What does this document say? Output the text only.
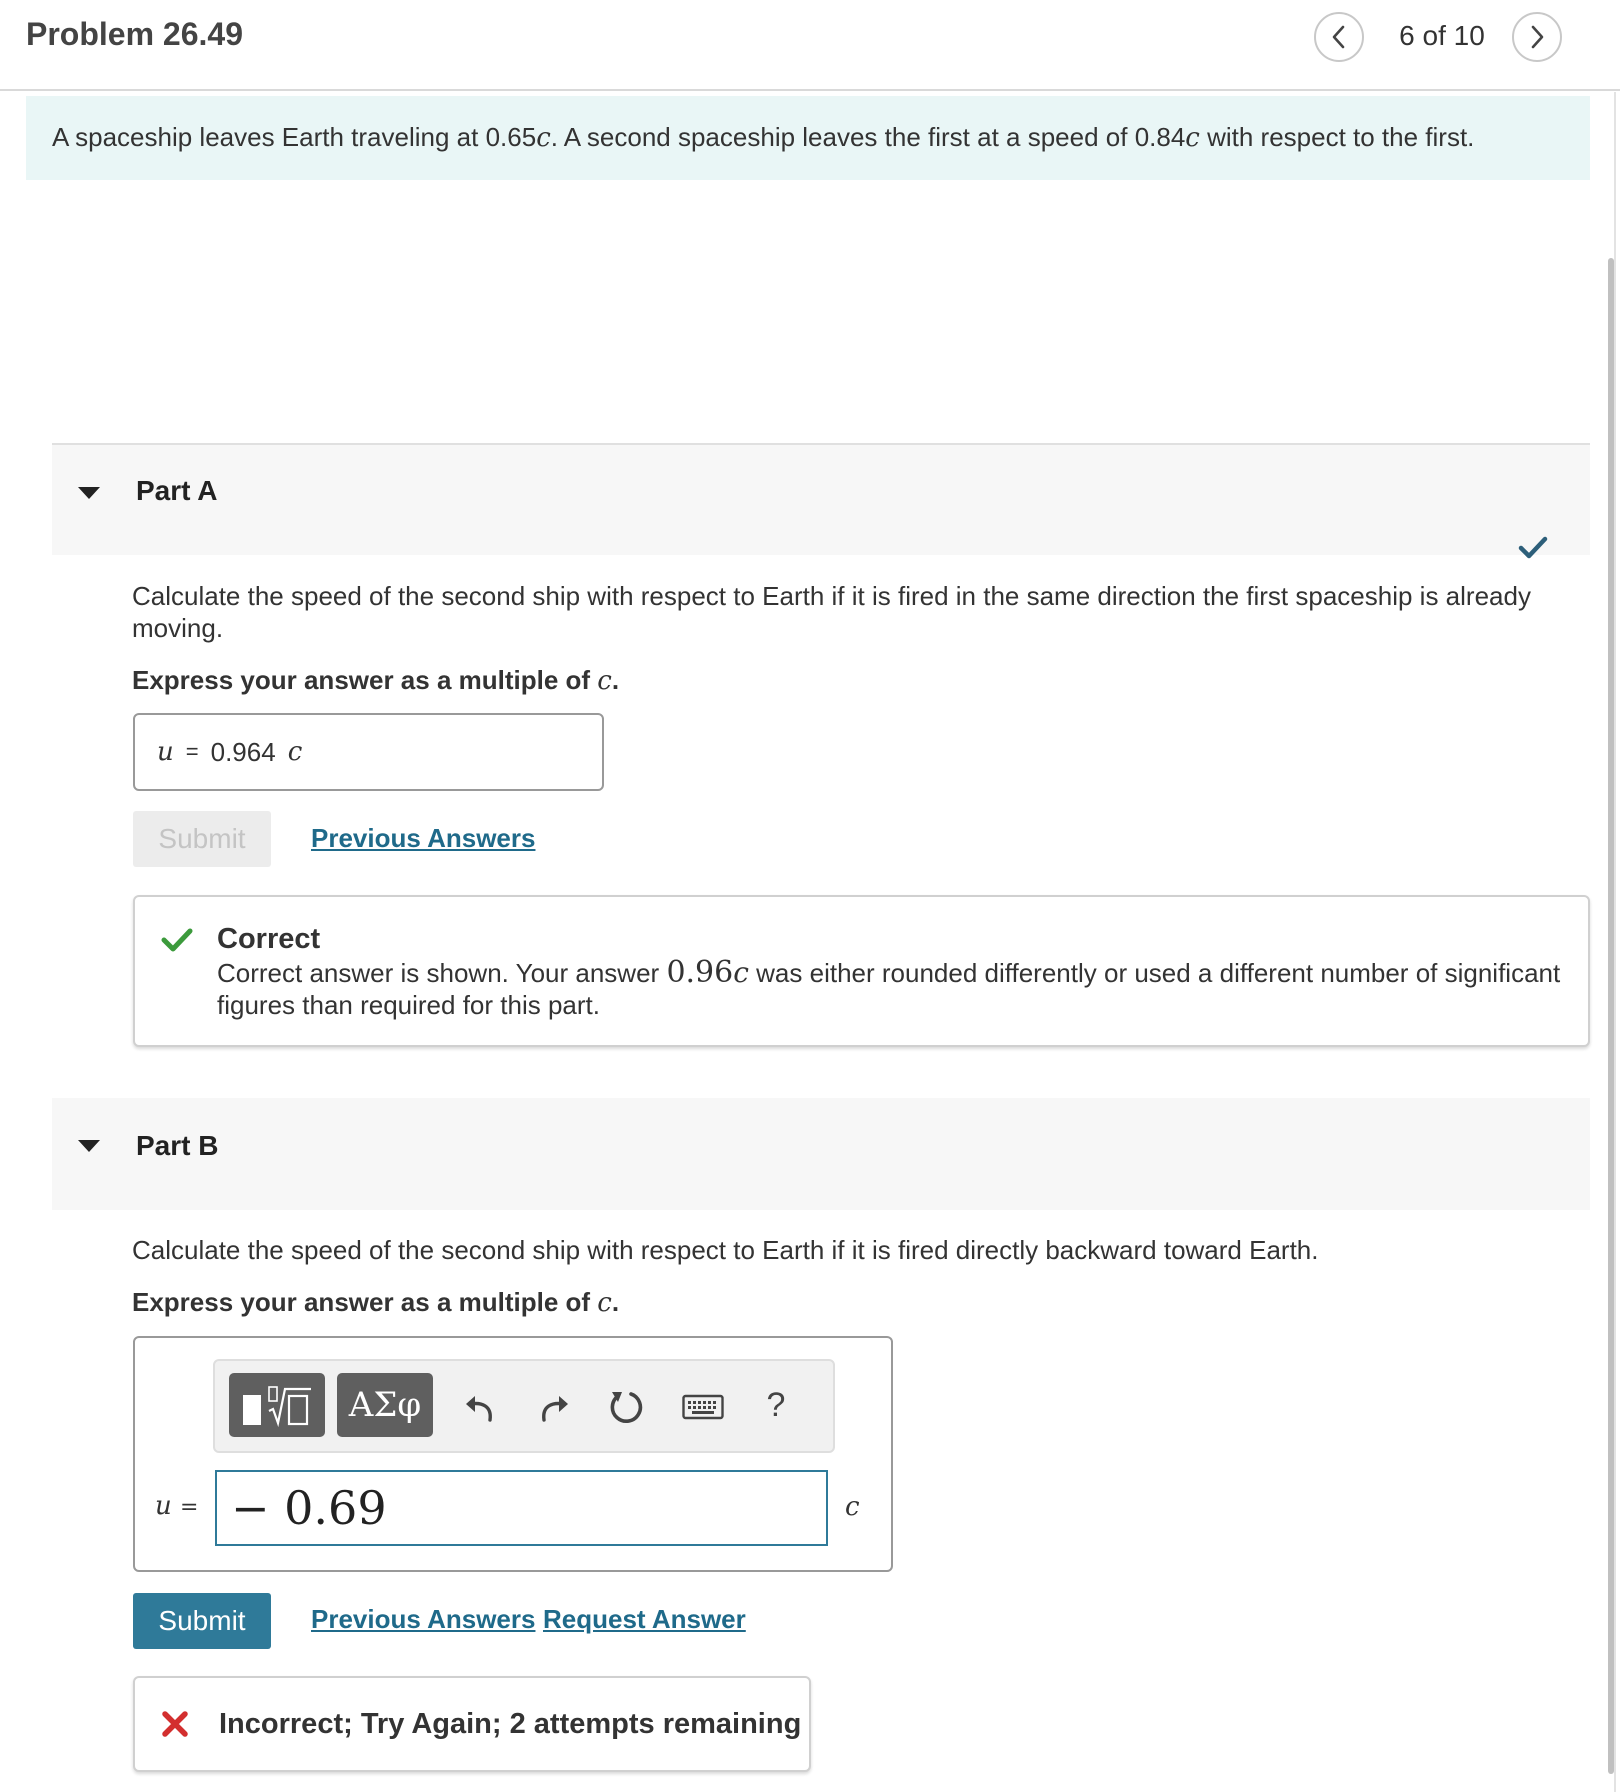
Problem 26.49	6 of 10
A spaceship leaves Earth traveling at 0.65c. A second spaceship leaves the first at a speed of 0.84c with respect to the first.
Part A
Calculate the speed of the second ship with respect to Earth if it is fired in the same direction the first spaceship is already moving.
Express your answer as a multiple of c.
u = 0.964 c
Submit	Previous Answers
Correct
Correct answer is shown. Your answer 0.96c was either rounded differently or used a different number of significant figures than required for this part.
Part B
Calculate the speed of the second ship with respect to Earth if it is fired directly backward toward Earth.
Express your answer as a multiple of c.
ΑΣφ	?
u = − 0.69	c
Submit	Previous Answers Request Answer
Incorrect; Try Again; 2 attempts remaining
